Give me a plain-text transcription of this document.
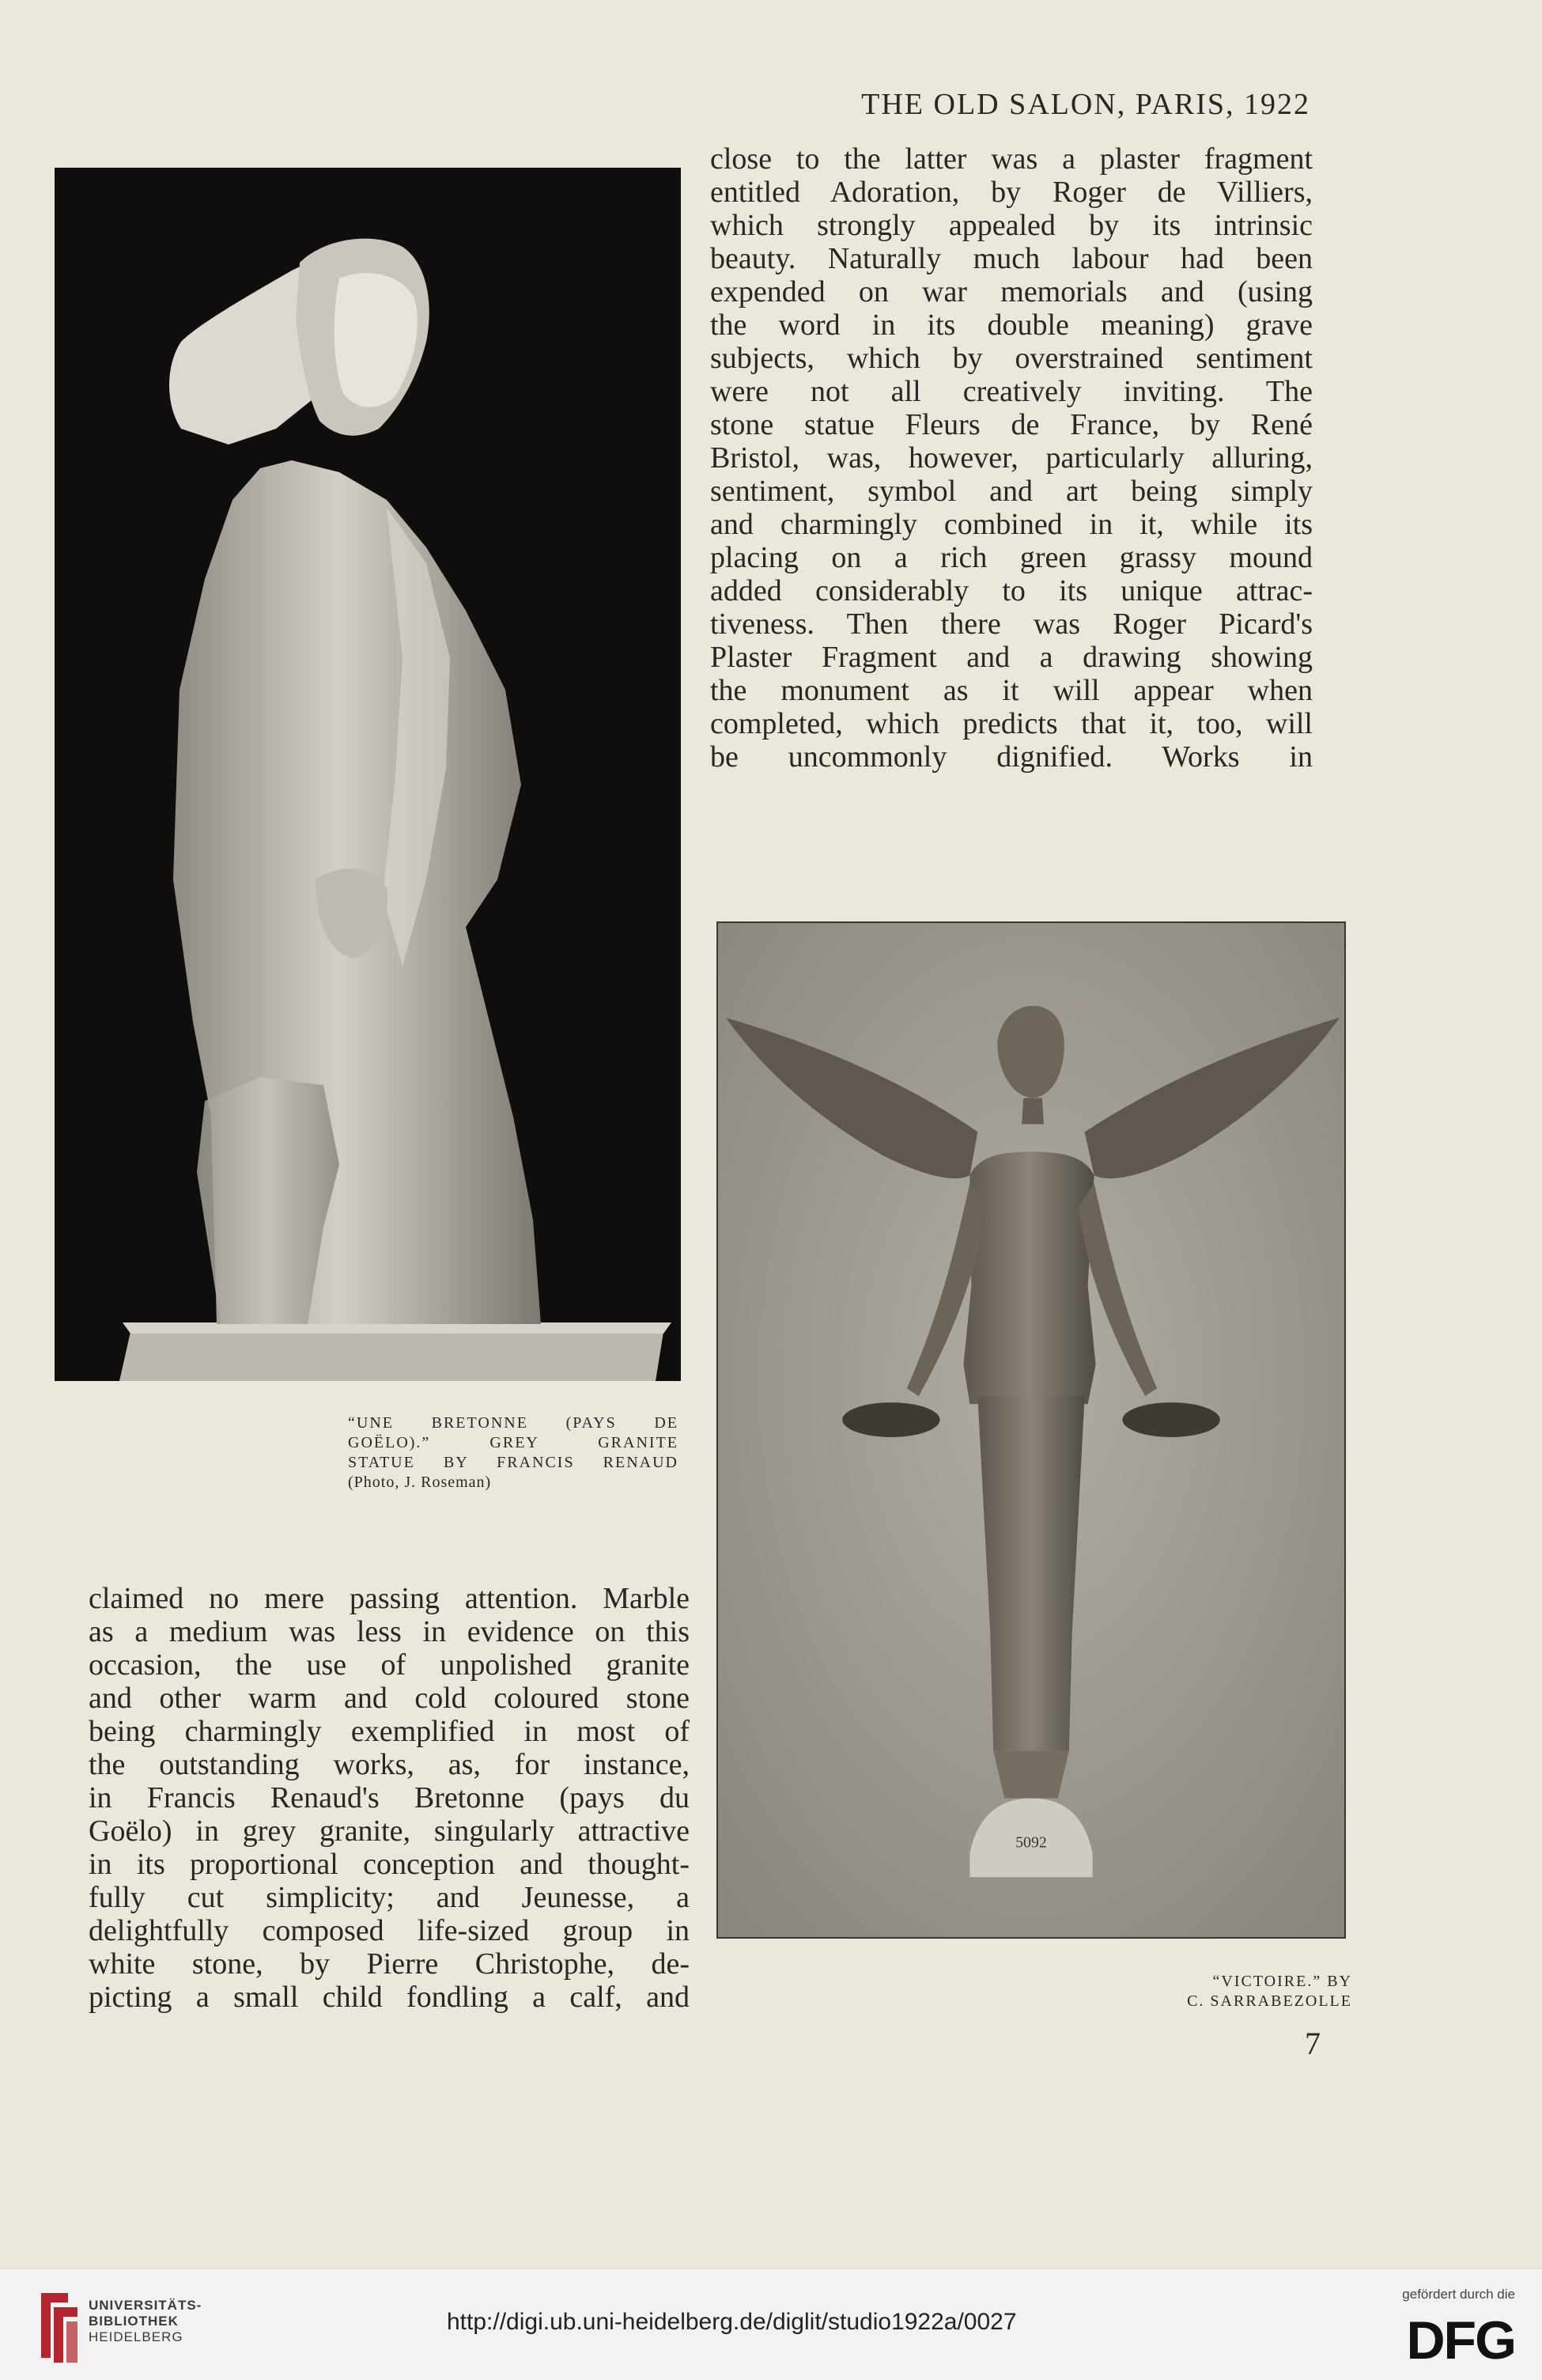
THE OLD SALON, PARIS, 1922
“UNE BRETONNE (PAYS DE
GOËLO).” GREY GRANITE
STATUE BY FRANCIS RENAUD
(Photo, J. Roseman)
close to the latter was a plaster fragment
entitled Adoration, by Roger de Villiers,
which strongly appealed by its intrinsic
beauty. Naturally much labour had been
expended on war memorials and (using
the word in its double meaning) grave
subjects, which by overstrained sentiment
were not all creatively inviting. The
stone statue Fleurs de France, by René
Bristol, was, however, particularly alluring,
sentiment, symbol and art being simply
and charmingly combined in it, while its
placing on a rich green grassy mound
added considerably to its unique attrac-
tiveness. Then there was Roger Picard's
Plaster Fragment and a drawing showing
the monument as it will appear when
completed, which predicts that it, too, will
be uncommonly dignified. Works in
5092
“VICTOIRE.” BY
C. SARRABEZOLLE
claimed no mere passing attention. Marble
as a medium was less in evidence on this
occasion, the use of unpolished granite
and other warm and cold coloured stone
being charmingly exemplified in most of
the outstanding works, as, for instance,
in Francis Renaud's Bretonne (pays du
Goëlo) in grey granite, singularly attractive
in its proportional conception and thought-
fully cut simplicity; and Jeunesse, a
delightfully composed life-sized group in
white stone, by Pierre Christophe, de-
picting a small child fondling a calf, and
7
UNIVERSITÄTS-
BIBLIOTHEK
HEIDELBERG
http://digi.ub.uni-heidelberg.de/diglit/studio1922a/0027
gefördert durch die
DFG
